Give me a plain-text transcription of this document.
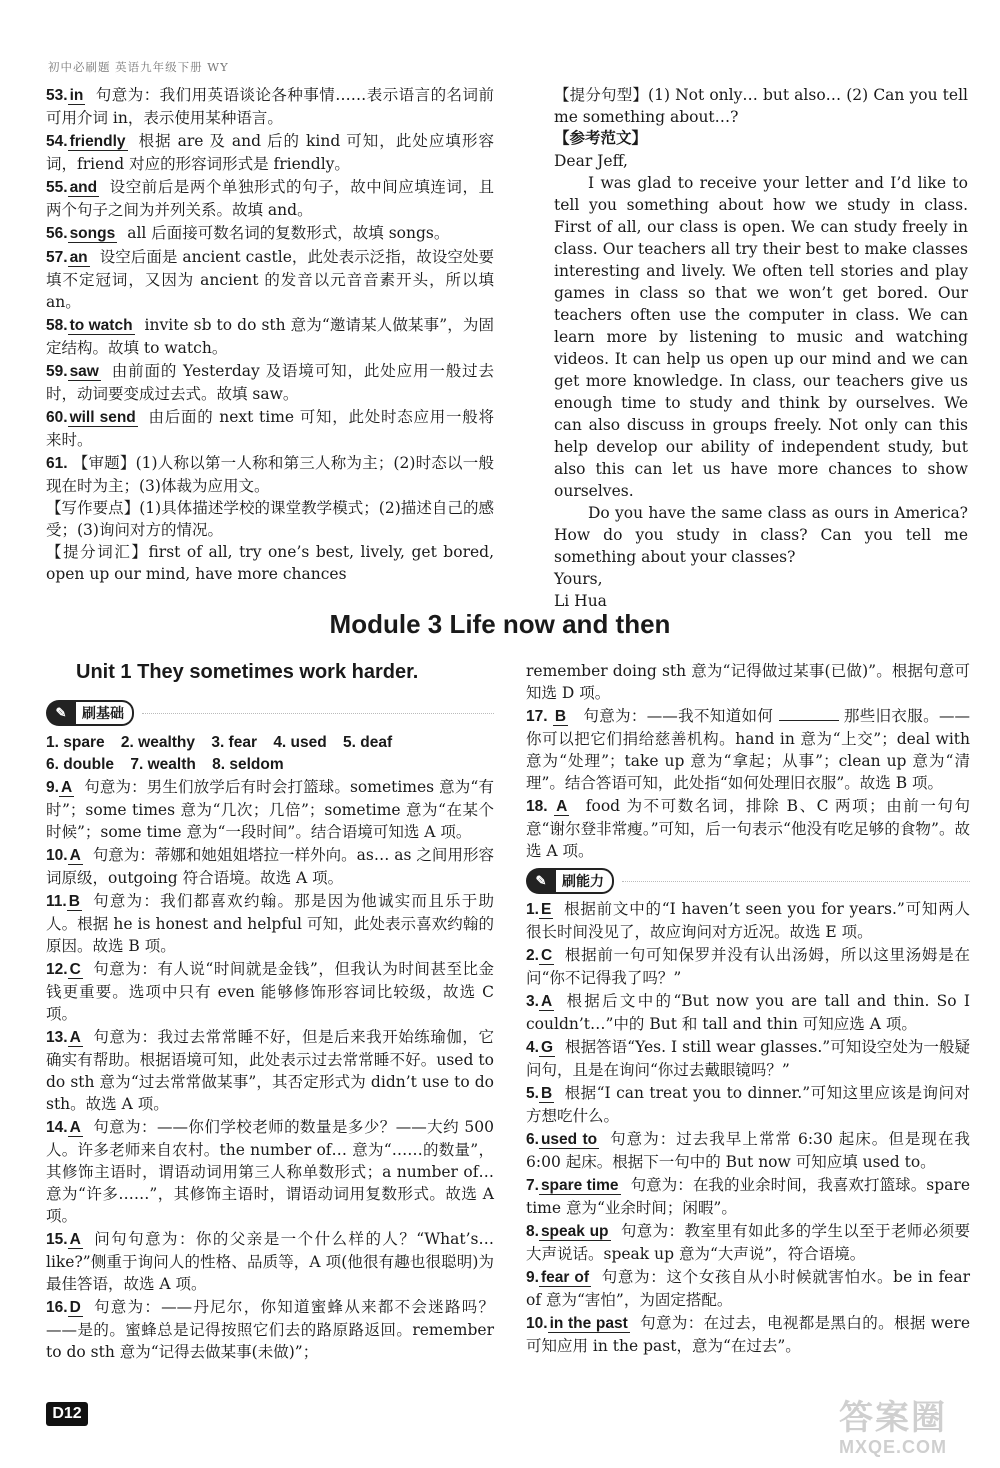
初中必刷题 英语九年级下册 WY
53. in 句意为：我们用英语谈论各种事情……表示语言的名词前可用介词 in，表示使用某种语言。
54. friendly 根据 are 及 and 后的 kind 可知，此处应填形容词，friend 对应的形容词形式是 friendly。
55. and 设空前后是两个单独形式的句子，故中间应填连词，且两个句子之间为并列关系。故填 and。
56. songs all 后面接可数名词的复数形式，故填 songs。
57. an 设空后面是 ancient castle，此处表示泛指，故设空处要填不定冠词，又因为 ancient 的发音以元音音素开头，所以填 an。
58. to watch invite sb to do sth 意为“邀请某人做某事”，为固定结构。故填 to watch。
59. saw 由前面的 Yesterday 及语境可知，此处应用一般过去时，动词要变成过去式。故填 saw。
60. will send 由后面的 next time 可知，此处时态应用一般将来时。
61. 【审题】(1)人称以第一人称和第三人称为主；(2)时态以一般现在时为主；(3)体裁为应用文。
【写作要点】(1)具体描述学校的课堂教学模式；(2)描述自己的感受；(3)询问对方的情况。
【提分词汇】first of all, try one’s best, lively, get bored, open up our mind, have more chances

【提分句型】(1) Not only… but also… (2) Can you tell me something about…?

【参考范文】

Dear Jeff,

I was glad to receive your letter and I’d like to tell you something about how we study in class. First of all, our class is open. We can study freely in class. Our teachers all try their best to make classes interesting and lively. We often tell stories and play games in class so that we won’t get bored. Our teachers often use the computer in class. We can learn more by listening to music and watching videos. It can help us open up our mind and we can get more knowledge. In class, our teachers give us enough time to study and think by ourselves. We can also discuss in groups freely. Not only can this help develop our ability of independent study, but also this can let us have more chances to show ourselves.

Do you have the same class as ours in America? How do you study in class? Can you tell me something about your classes?

Yours,

Li Hua

Module 3 Life now and then
Unit 1 They sometimes work harder.
✎	刷基础

1. spare 2. wealthy 3. fear 4. used 5. deaf

6. double 7. wealth 8. seldom

9. A 句意为：男生们放学后有时会打篮球。sometimes 意为“有时”；some times 意为“几次；几倍”；sometime 意为“在某个时候”；some time 意为“一段时间”。结合语境可知选 A 项。
10. A 句意为：蒂娜和她姐姐塔拉一样外向。as… as 之间用形容词原级，outgoing 符合语境。故选 A 项。
11. B 句意为：我们都喜欢约翰。那是因为他诚实而且乐于助人。根据 he is honest and helpful 可知，此处表示喜欢约翰的原因。故选 B 项。
12. C 句意为：有人说“时间就是金钱”，但我认为时间甚至比金钱更重要。选项中只有 even 能够修饰形容词比较级，故选 C 项。
13. A 句意为：我过去常常睡不好，但是后来我开始练瑜伽，它确实有帮助。根据语境可知，此处表示过去常常睡不好。used to do sth 意为“过去常常做某事”，其否定形式为 didn’t use to do sth。故选 A 项。
14. A 句意为：——你们学校老师的数量是多少？——大约 500 人。许多老师来自农村。the number of… 意为“……的数量”，其修饰主语时，谓语动词用第三人称单数形式；a number of… 意为“许多……”，其修饰主语时，谓语动词用复数形式。故选 A 项。
15. A 问句句意为：你的父亲是一个什么样的人？“What’s… like?”侧重于询问人的性格、品质等，A 项(他很有趣也很聪明)为最佳答语，故选 A 项。
16. D 句意为：——丹尼尔，你知道蜜蜂从来都不会迷路吗？——是的。蜜蜂总是记得按照它们去的路原路返回。remember to do sth 意为“记得去做某事(未做)”；
remember doing sth 意为“记得做过某事(已做)”。根据句意可知选 D 项。
17. B 句意为：——我不知道如何	那些旧衣服。——你可以把它们捐给慈善机构。hand in 意为“上交”；deal with 意为“处理”；take up 意为“拿起；从事”；clean up 意为“清理”。结合答语可知，此处指“如何处理旧衣服”。故选 B 项。
18. A food 为不可数名词，排除 B、C 两项；由前一句句意“谢尔登非常瘦。”可知，后一句表示“他没有吃足够的食物”。故选 A 项。
✎	刷能力
1. E 根据前文中的“I haven’t seen you for years.”可知两人很长时间没见了，故应询问对方近况。故选 E 项。
2. C 根据前一句可知保罗并没有认出汤姆，所以这里汤姆是在问“你不记得我了吗？”
3. A 根据后文中的“But now you are tall and thin. So I couldn’t…”中的 But 和 tall and thin 可知应选 A 项。
4. G 根据答语“Yes. I still wear glasses.”可知设空处为一般疑问句，且是在询问“你过去戴眼镜吗？”
5. B 根据“I can treat you to dinner.”可知这里应该是询问对方想吃什么。
6. used to 句意为：过去我早上常常 6:30 起床。但是现在我 6:00 起床。根据下一句中的 But now 可知应填 used to。
7. spare time 句意为：在我的业余时间，我喜欢打篮球。spare time 意为“业余时间；闲暇”。
8. speak up 句意为：教室里有如此多的学生以至于老师必须要大声说话。speak up 意为“大声说”，符合语境。
9. fear of 句意为：这个女孩自从小时候就害怕水。be in fear of 意为“害怕”，为固定搭配。
10. in the past 句意为：在过去，电视都是黑白的。根据 were 可知应用 in the past，意为“在过去”。
D12	答案圈
MXQE.COM
